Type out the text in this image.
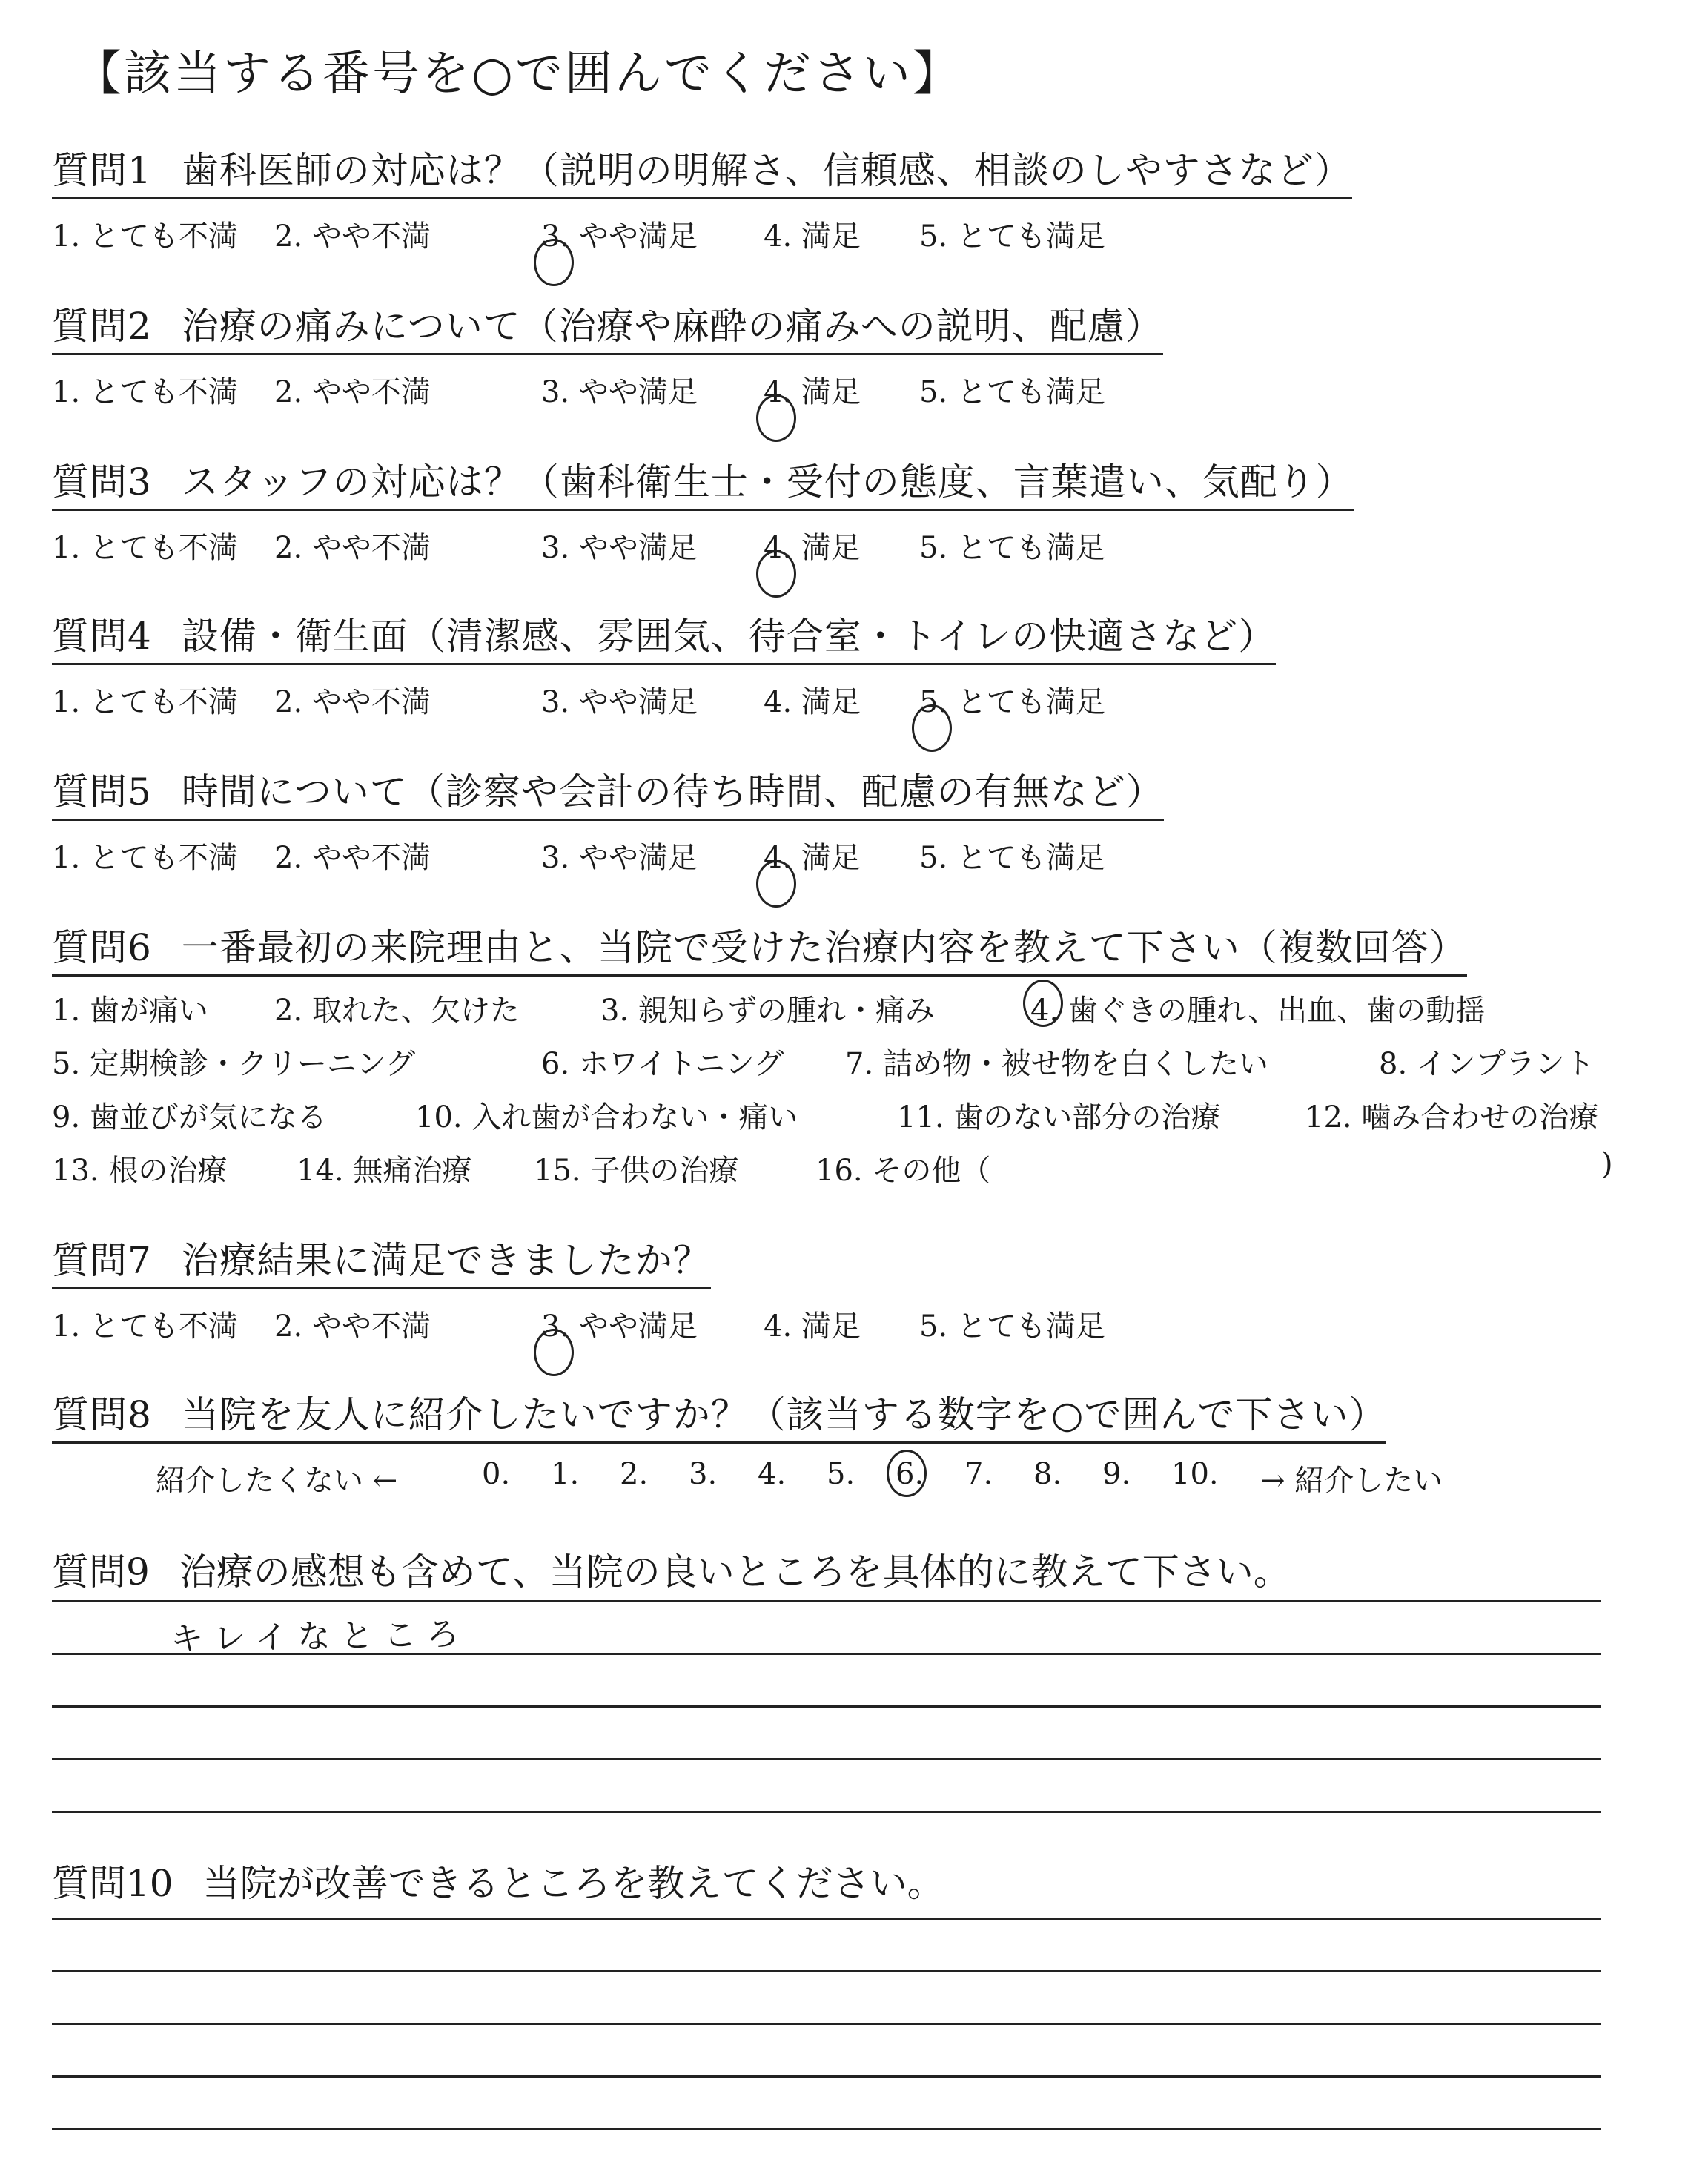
【該当する番号を○で囲んでください】
質問1 歯科医師の対応は？（説明の明解さ、信頼感、相談のしやすさなど）
1. とても不満 2. やや不満	3. やや満足 4. 満足 5. とても満足
質問2 治療の痛みについて（治療や麻酔の痛みへの説明、配慮）
1. とても不満 2. やや不満	3. やや満足 4. 満足 5. とても満足
質問3 スタッフの対応は？（歯科衛生士・受付の態度、言葉遣い、気配り）
1. とても不満 2. やや不満	3. やや満足 4. 満足 5. とても満足
質問4 設備・衛生面（清潔感、雰囲気、待合室・トイレの快適さなど）
1. とても不満 2. やや不満	3. やや満足 4. 満足 5. とても満足
質問5 時間について（診察や会計の待ち時間、配慮の有無など）
1. とても不満 2. やや不満	3. やや満足 4. 満足 5. とても満足
質問6 一番最初の来院理由と、当院で受けた治療内容を教えて下さい（複数回答）
1. 歯が痛い 2. 取れた、欠けた	3. 親知らずの腫れ・痛み	4. 歯ぐきの腫れ、出血、歯の動揺
5. 定期検診・クリーニング	6. ホワイトニング 7. 詰め物・被せ物を白くしたい	8. インプラント
9. 歯並びが気になる	10. 入れ歯が合わない・痛い	11. 歯のない部分の治療	12. 噛み合わせの治療
13. 根の治療 14. 無痛治療 15. 子供の治療	16. その他（	)
質問7 治療結果に満足できましたか？
1. とても不満 2. やや不満	3. やや満足 4. 満足 5. とても満足
質問8 当院を友人に紹介したいですか？（該当する数字を○で囲んで下さい）
紹介したくない ←	0. 1. 2. 3. 4. 5. 6. 7. 8. 9. 10. → 紹介したい
質問9 治療の感想も含めて、当院の良いところを具体的に教えて下さい。
キレイなところ
質問10 当院が改善できるところを教えてください。
